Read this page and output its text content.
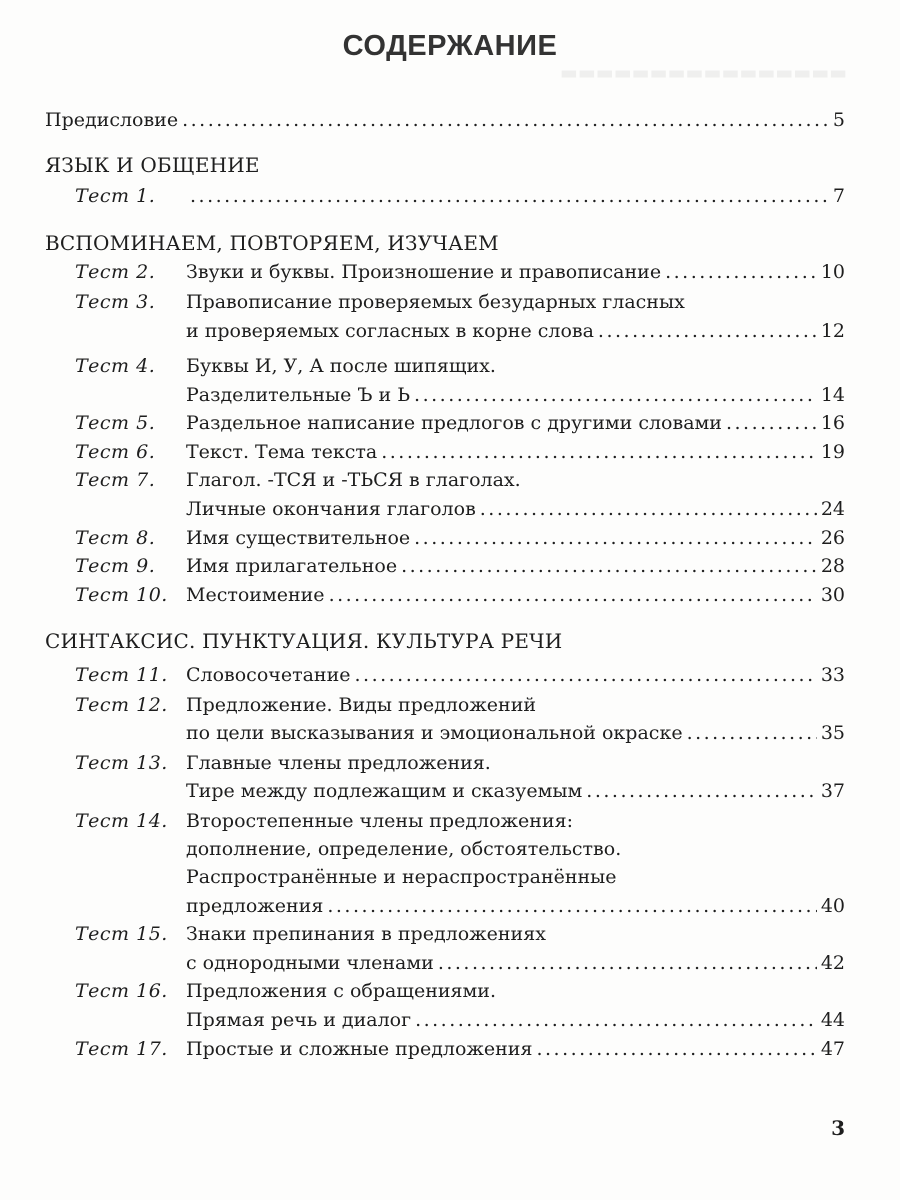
▬▬▬▬▬▬▬▬▬▬▬▬▬▬▬▬
СОДЕРЖАНИЕ
Предисловие .....	5
ЯЗЫК И ОБЩЕНИЕ
Тест 1. .....	7
ВСПОМИНАЕМ, ПОВТОРЯЕМ, ИЗУЧАЕМ
Тест 2. Звуки и буквы. Произношение и правописание .....	10
Тест 3. Правописание проверяемых безударных гласных
и проверяемых согласных в корне слова .....	12
Тест 4. Буквы И, У, А после шипящих.
Разделительные Ъ и Ь .....	14
Тест 5. Раздельное написание предлогов с другими словами .....	16
Тест 6. Текст. Тема текста .....	19
Тест 7. Глагол. -ТСЯ и -ТЬСЯ в глаголах.
Личные окончания глаголов .....	24
Тест 8. Имя существительное .....	26
Тест 9. Имя прилагательное .....	28
Тест 10. Местоимение .....	30
СИНТАКСИС. ПУНКТУАЦИЯ. КУЛЬТУРА РЕЧИ
Тест 11. Словосочетание .....	33
Тест 12. Предложение. Виды предложений
по цели высказывания и эмоциональной окраске .....	35
Тест 13. Главные члены предложения.
Тире между подлежащим и сказуемым .....	37
Тест 14. Второстепенные члены предложения:
дополнение, определение, обстоятельство.
Распространённые и нераспространённые
предложения .....	40
Тест 15. Знаки препинания в предложениях
с однородными членами .....	42
Тест 16. Предложения с обращениями.
Прямая речь и диалог .....	44
Тест 17. Простые и сложные предложения .....	47
3
